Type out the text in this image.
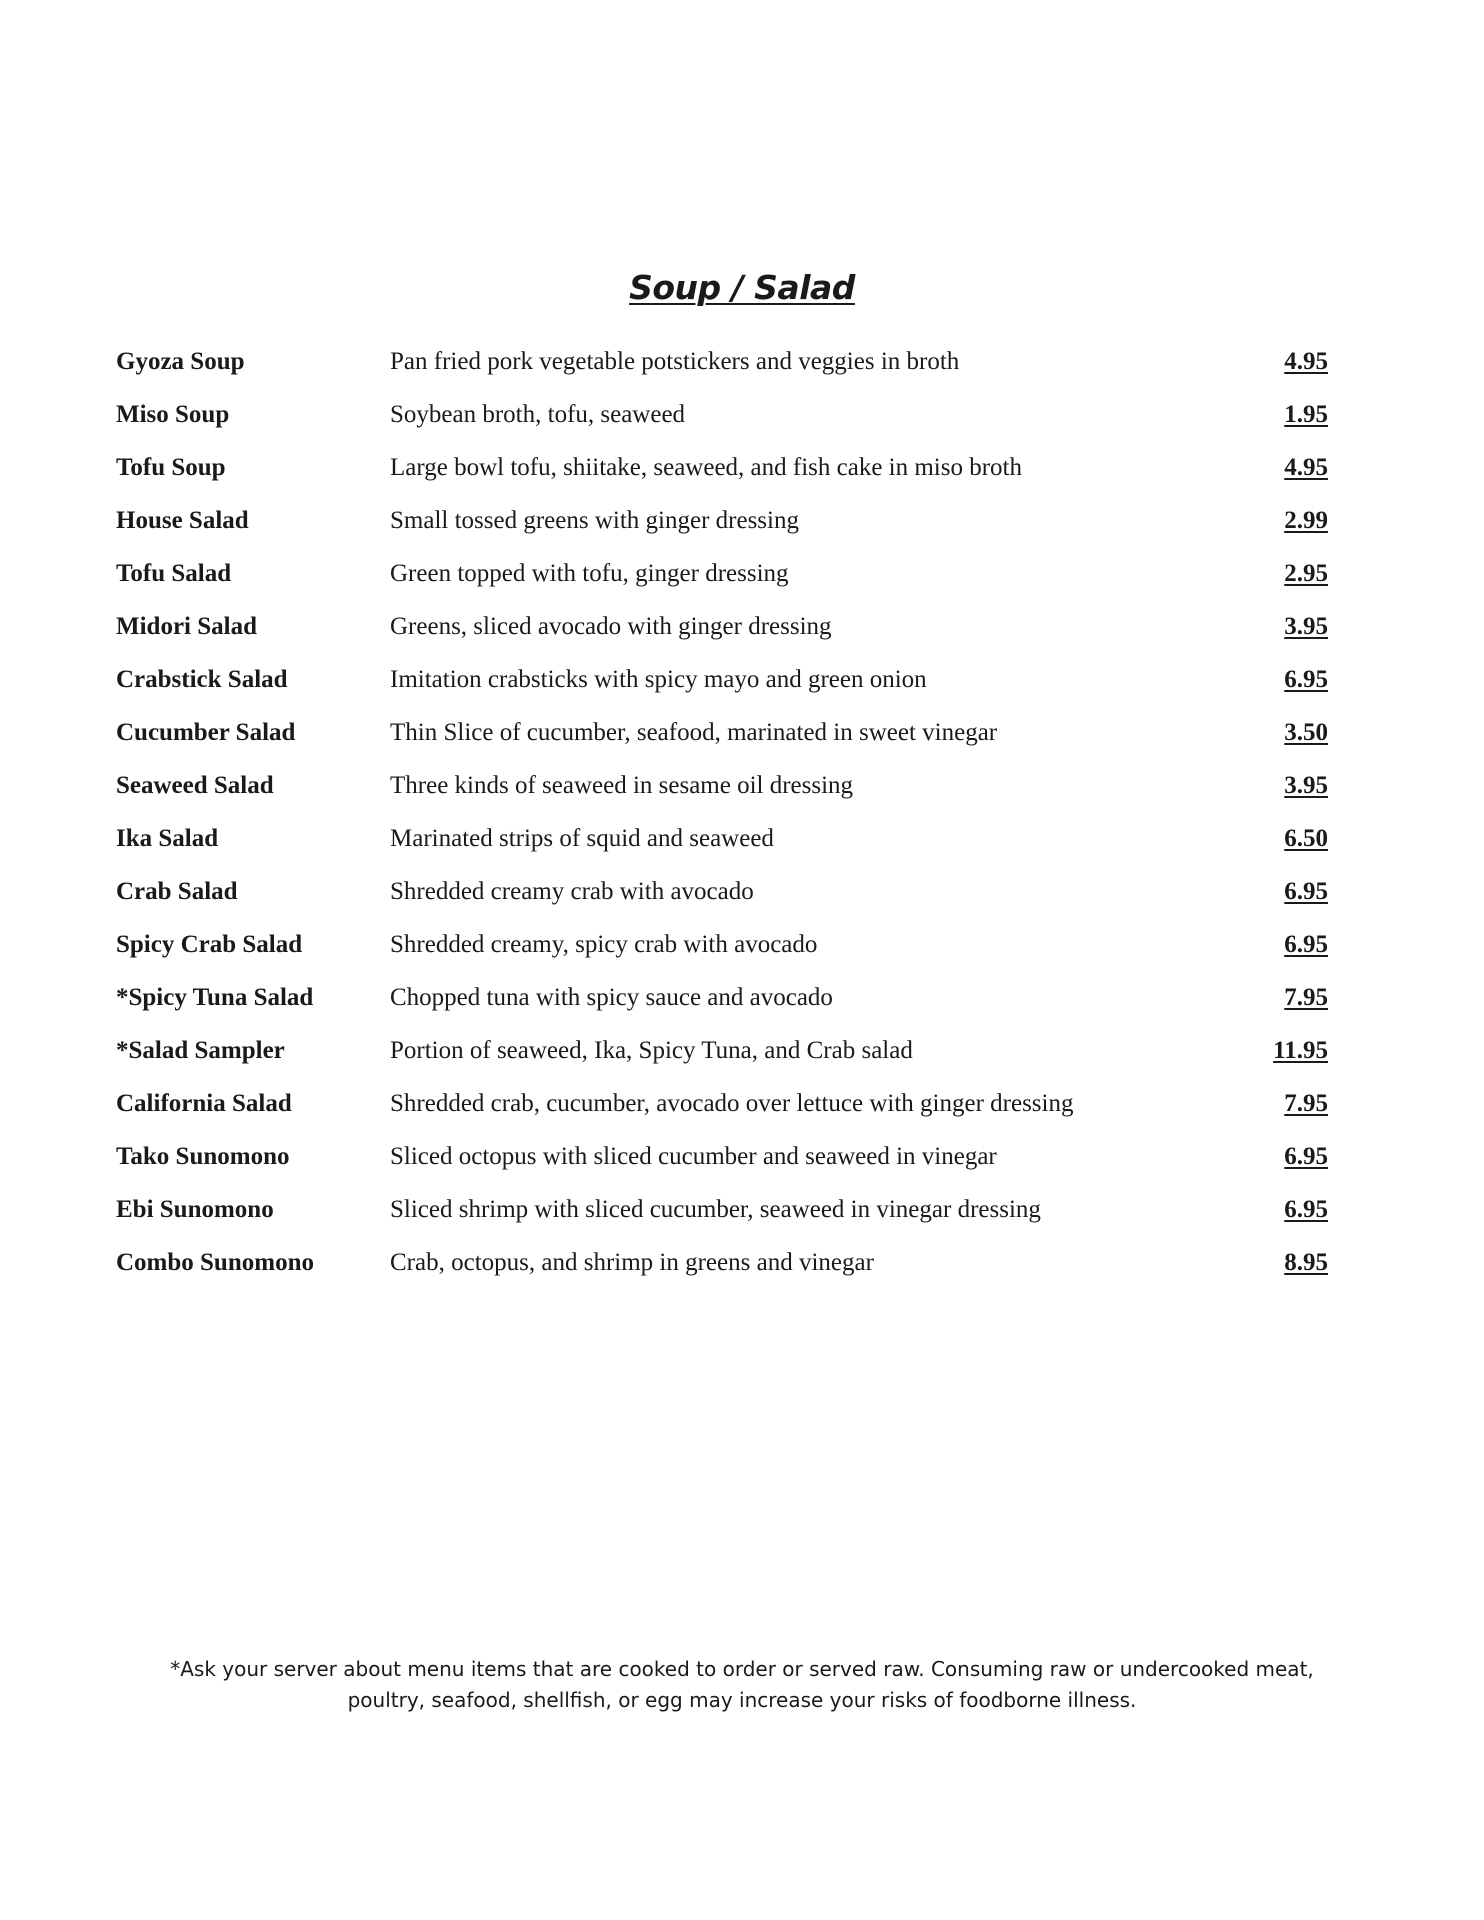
Soup / Salad
Gyoza Soup	Pan fried pork vegetable potstickers and veggies in broth	4.95
Miso Soup	Soybean broth, tofu, seaweed	1.95
Tofu Soup	Large bowl tofu, shiitake, seaweed, and fish cake in miso broth	4.95
House Salad	Small tossed greens with ginger dressing	2.99
Tofu Salad	Green topped with tofu, ginger dressing	2.95
Midori Salad	Greens, sliced avocado with ginger dressing	3.95
Crabstick Salad	Imitation crabsticks with spicy mayo and green onion	6.95
Cucumber Salad	Thin Slice of cucumber, seafood, marinated in sweet vinegar	3.50
Seaweed Salad	Three kinds of seaweed in sesame oil dressing	3.95
Ika Salad	Marinated strips of squid and seaweed	6.50
Crab Salad	Shredded creamy crab with avocado	6.95
Spicy Crab Salad	Shredded creamy, spicy crab with avocado	6.95
*Spicy Tuna Salad	Chopped tuna with spicy sauce and avocado	7.95
*Salad Sampler	Portion of seaweed, Ika, Spicy Tuna, and Crab salad	11.95
California Salad	Shredded crab, cucumber, avocado over lettuce with ginger dressing	7.95
Tako Sunomono	Sliced octopus with sliced cucumber and seaweed in vinegar	6.95
Ebi Sunomono	Sliced shrimp with sliced cucumber, seaweed in vinegar dressing	6.95
Combo Sunomono	Crab, octopus, and shrimp in greens and vinegar	8.95
*Ask your server about menu items that are cooked to order or served raw. Consuming raw or undercooked meat,
poultry, seafood, shellfish, or egg may increase your risks of foodborne illness.
